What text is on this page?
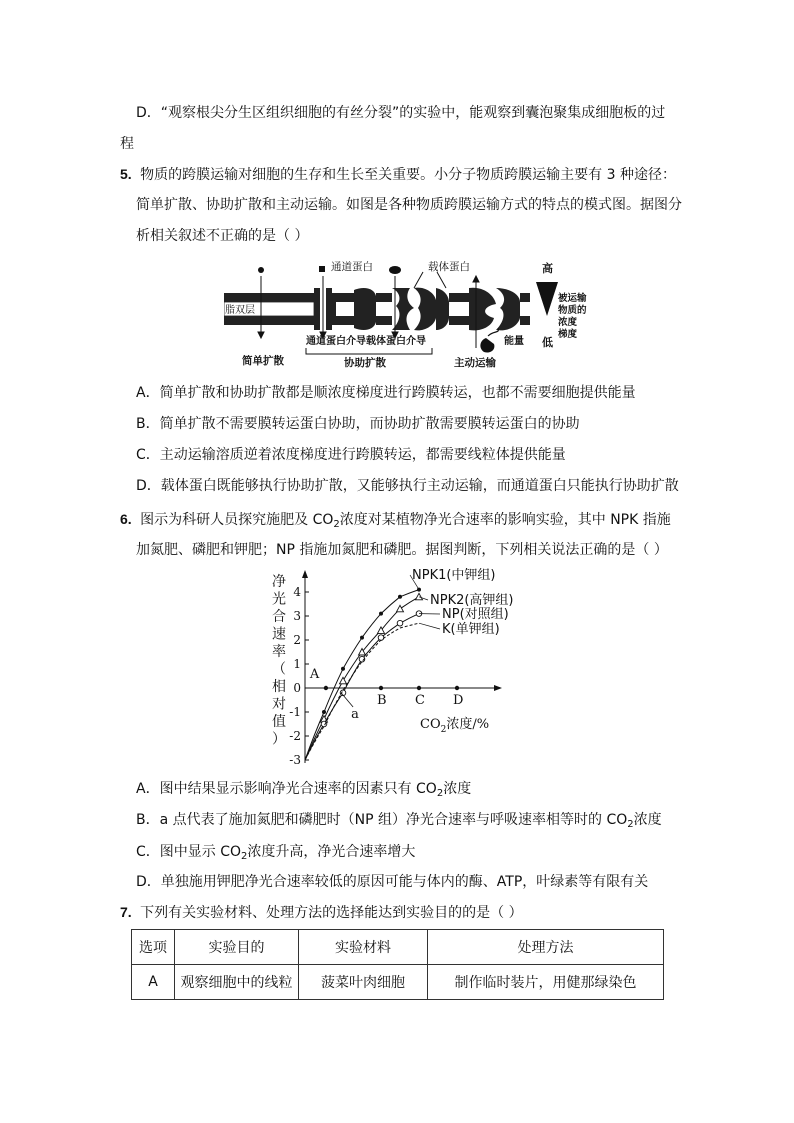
D．“观察根尖分生区组织细胞的有丝分裂”的实验中，能观察到囊泡聚集成细胞板的过
程
5. 物质的跨膜运输对细胞的生存和生长至关重要。小分子物质跨膜运输主要有 3 种途径：
简单扩散、协助扩散和主动运输。如图是各种物质跨膜运输方式的特点的模式图。据图分
析相关叙述不正确的是（ ）
脂双层
通道蛋白	载体蛋白	高
被运输
物质的
浓度
梯度
低
能量
通道蛋白介导 载体蛋白介导
简单扩散	协助扩散	主动运输
A．简单扩散和协助扩散都是顺浓度梯度进行跨膜转运，也都不需要细胞提供能量
B．简单扩散不需要膜转运蛋白协助，而协助扩散需要膜转运蛋白的协助
C．主动运输溶质逆着浓度梯度进行跨膜转运，都需要线粒体提供能量
D．载体蛋白既能够执行协助扩散，又能够执行主动运输，而通道蛋白只能执行协助扩散
6. 图示为科研人员探究施肥及 $CO_2$浓度对某植物净光合速率的影响实验，其中 NPK 指施
加氮肥、磷肥和钾肥；NP 指施加氮肥和磷肥。据图判断，下列相关说法正确的是（ ）
净
光
合
速
率
（
相
对
值
）
4
3
2
1
0
-1
-2
-3
A
B C D
NPK1(中钾组)
NPK2(高钾组)
NP(对照组)
K(单钾组)
a
$CO_2$浓度/%
A．图中结果显示影响净光合速率的因素只有 $CO_2$浓度
B．a 点代表了施加氮肥和磷肥时（NP 组）净光合速率与呼吸速率相等时的 $CO_2$浓度
C．图中显示 $CO_2$浓度升高，净光合速率增大
D．单独施用钾肥净光合速率较低的原因可能与体内的酶、ATP，叶绿素等有限有关
7. 下列有关实验材料、处理方法的选择能达到实验目的的是（ ）
选项	实验目的	实验材料	处理方法
A	观察细胞中的线粒	菠菜叶肉细胞	制作临时装片，用健那绿染色
